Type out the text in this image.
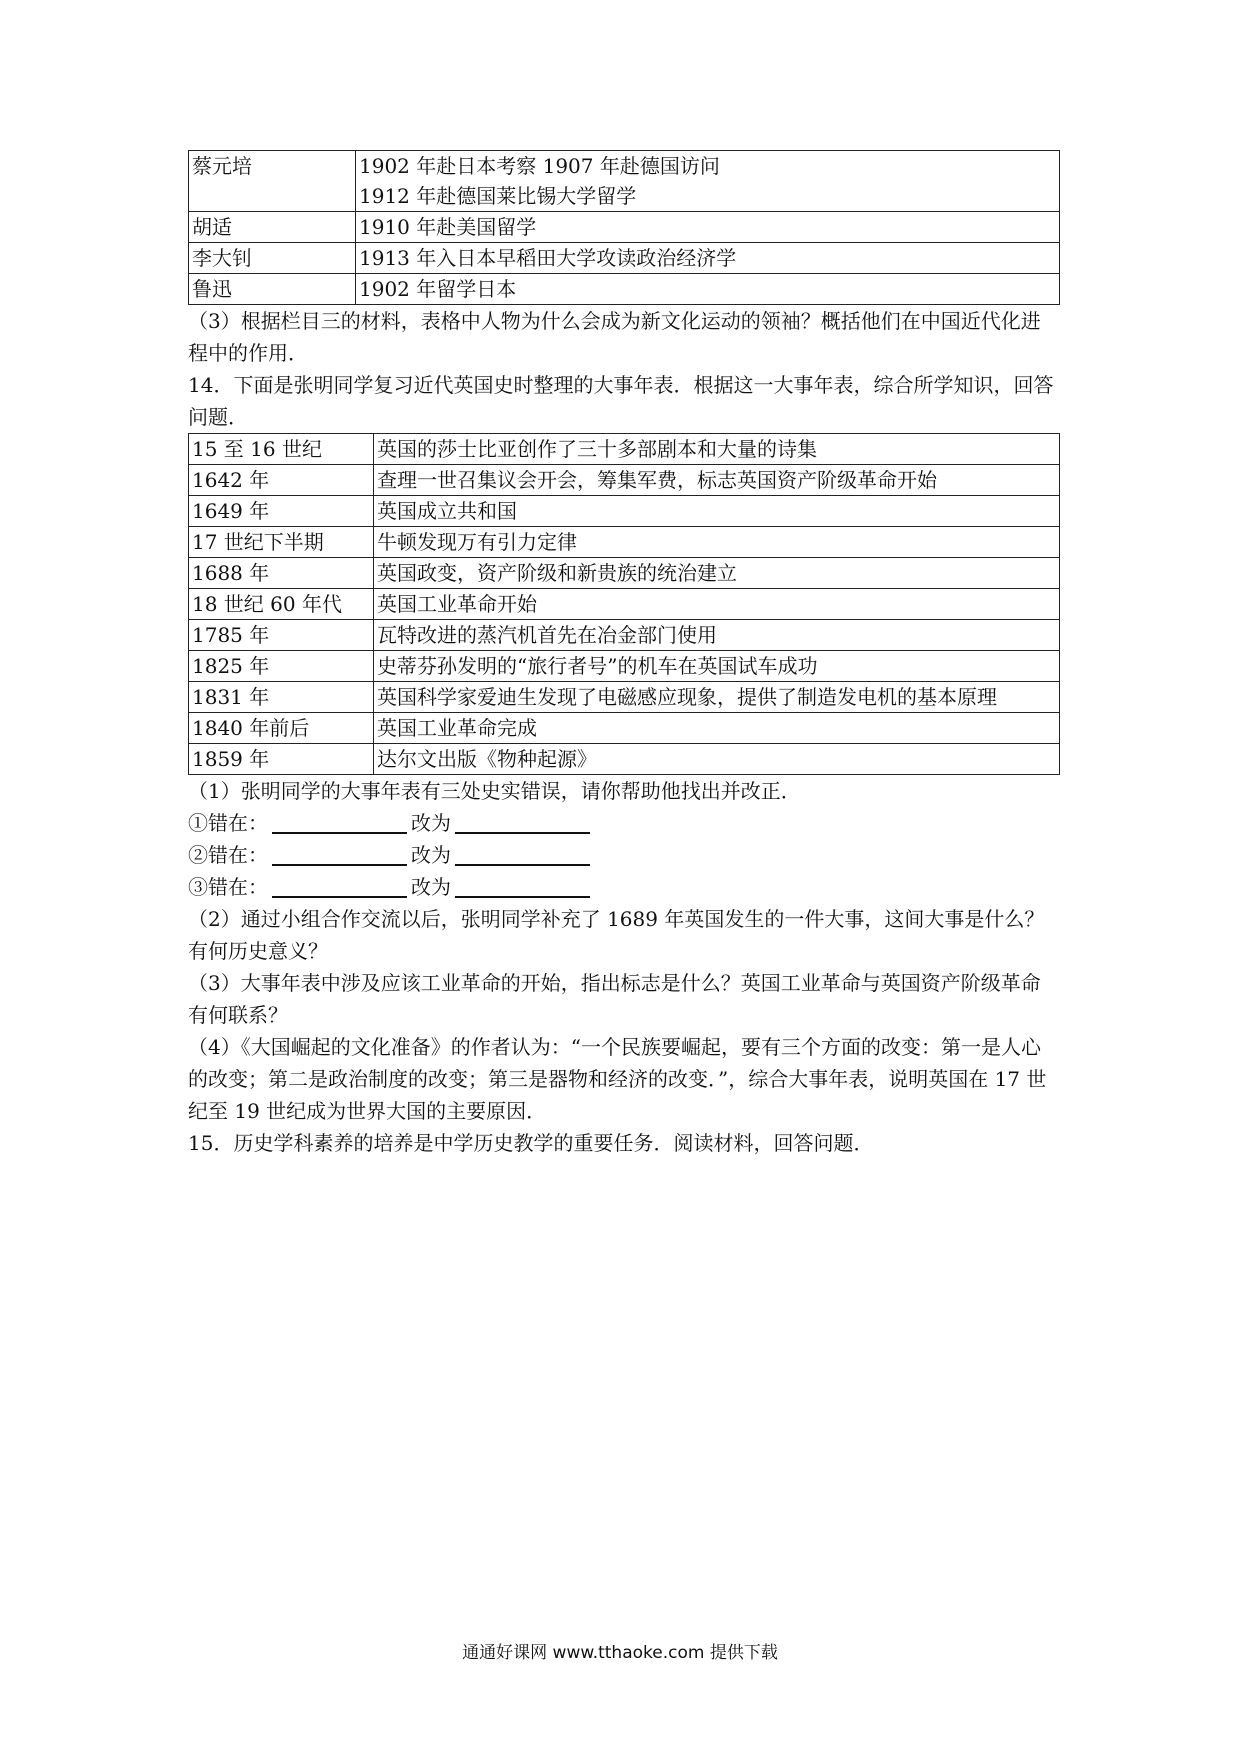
蔡元培	1902 年赴日本考察 1907 年赴德国访问
1912 年赴德国莱比锡大学留学

胡适	1910 年赴美国留学
李大钊	1913 年入日本早稻田大学攻读政治经济学
鲁迅	1902 年留学日本

（3）根据栏目三的材料，表格中人物为什么会成为新文化运动的领袖？概括他们在中国近代化进程中的作用．

14．下面是张明同学复习近代英国史时整理的大事年表．根据这一大事年表，综合所学知识，回答问题．

15 至 16 世纪	英国的莎士比亚创作了三十多部剧本和大量的诗集
1642 年	查理一世召集议会开会，筹集军费，标志英国资产阶级革命开始
1649 年	英国成立共和国
17 世纪下半期	牛顿发现万有引力定律
1688 年	英国政变，资产阶级和新贵族的统治建立
18 世纪 60 年代	英国工业革命开始
1785 年	瓦特改进的蒸汽机首先在冶金部门使用
1825 年	史蒂芬孙发明的“旅行者号”的机车在英国试车成功
1831 年	英国科学家爱迪生发现了电磁感应现象，提供了制造发电机的基本原理
1840 年前后	英国工业革命完成
1859 年	达尔文出版《物种起源》

（1）张明同学的大事年表有三处史实错误，请你帮助他找出并改正．

①错在：	改为
②错在：	改为
③错在：	改为

（2）通过小组合作交流以后，张明同学补充了 1689 年英国发生的一件大事，这间大事是什么？有何历史意义？

（3）大事年表中涉及应该工业革命的开始，指出标志是什么？英国工业革命与英国资产阶级革命有何联系？

（4）《大国崛起的文化准备》的作者认为：“一个民族要崛起，要有三个方面的改变：第一是人心的改变；第二是政治制度的改变；第三是器物和经济的改变．”，综合大事年表，说明英国在 17 世纪至 19 世纪成为世界大国的主要原因．

15．历史学科素养的培养是中学历史教学的重要任务．阅读材料，回答问题．

通通好课网 www.tthaoke.com 提供下载
